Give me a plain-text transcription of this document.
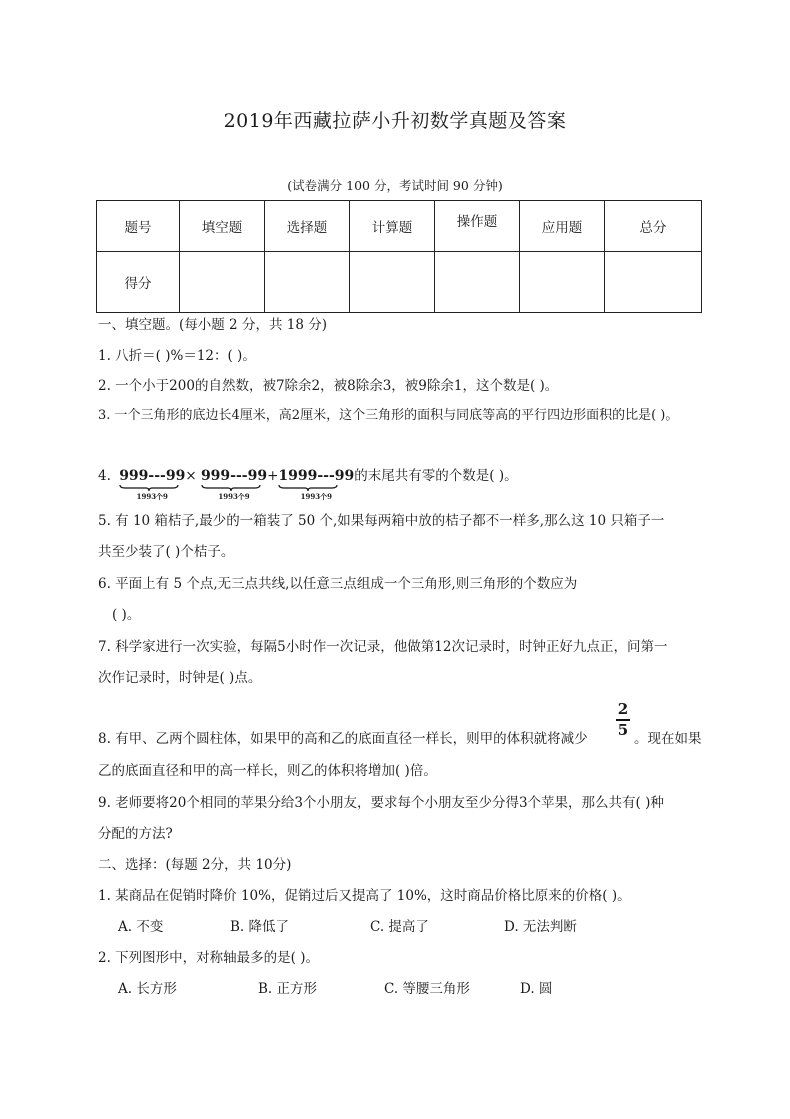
2019年西藏拉萨小升初数学真题及答案
(试卷满分 100 分，考试时间 90 分钟)
题号	填空题	选择题	计算题	操作题	应用题	总分
得分						
一、填空题。(每小题 2 分，共 18 分)
1. 八折＝( )%＝12：( )。
2. 一个小于200的自然数，被7除余2，被8除余3，被9除余1，这个数是( )。
3. 一个三角形的底边长4厘米，高2厘米，这个三角形的面积与同底等高的平行四边形面积的比是( )。
4. 999---99
1993个9
× 999---99
1993个9
+1999---99
1993个9
的末尾共有零的个数是( )。
5. 有 10 箱桔子,最少的一箱装了 50 个,如果每两箱中放的桔子都不一样多,那么这 10 只箱子一
共至少装了( )个桔子。
6. 平面上有 5 个点,无三点共线,以任意三点组成一个三角形,则三角形的个数应为
( )。
7. 科学家进行一次实验，每隔5小时作一次记录，他做第12次记录时，时钟正好九点正，问第一
次作记录时，时钟是( )点。
2
5
8. 有甲、乙两个圆柱体，如果甲的高和乙的底面直径一样长，则甲的体积就将减少	。现在如果
乙的底面直径和甲的高一样长，则乙的体积将增加( )倍。
9. 老师要将20个相同的苹果分给3个小朋友，要求每个小朋友至少分得3个苹果，那么共有( )种
分配的方法?
二、选择：(每题 2分，共 10分)
1. 某商品在促销时降价 10%，促销过后又提高了 10%，这时商品价格比原来的价格( )。
A. 不变	B. 降低了	C. 提高了	D. 无法判断
2. 下列图形中，对称轴最多的是( )。
A. 长方形	B. 正方形	C. 等腰三角形	D. 圆
